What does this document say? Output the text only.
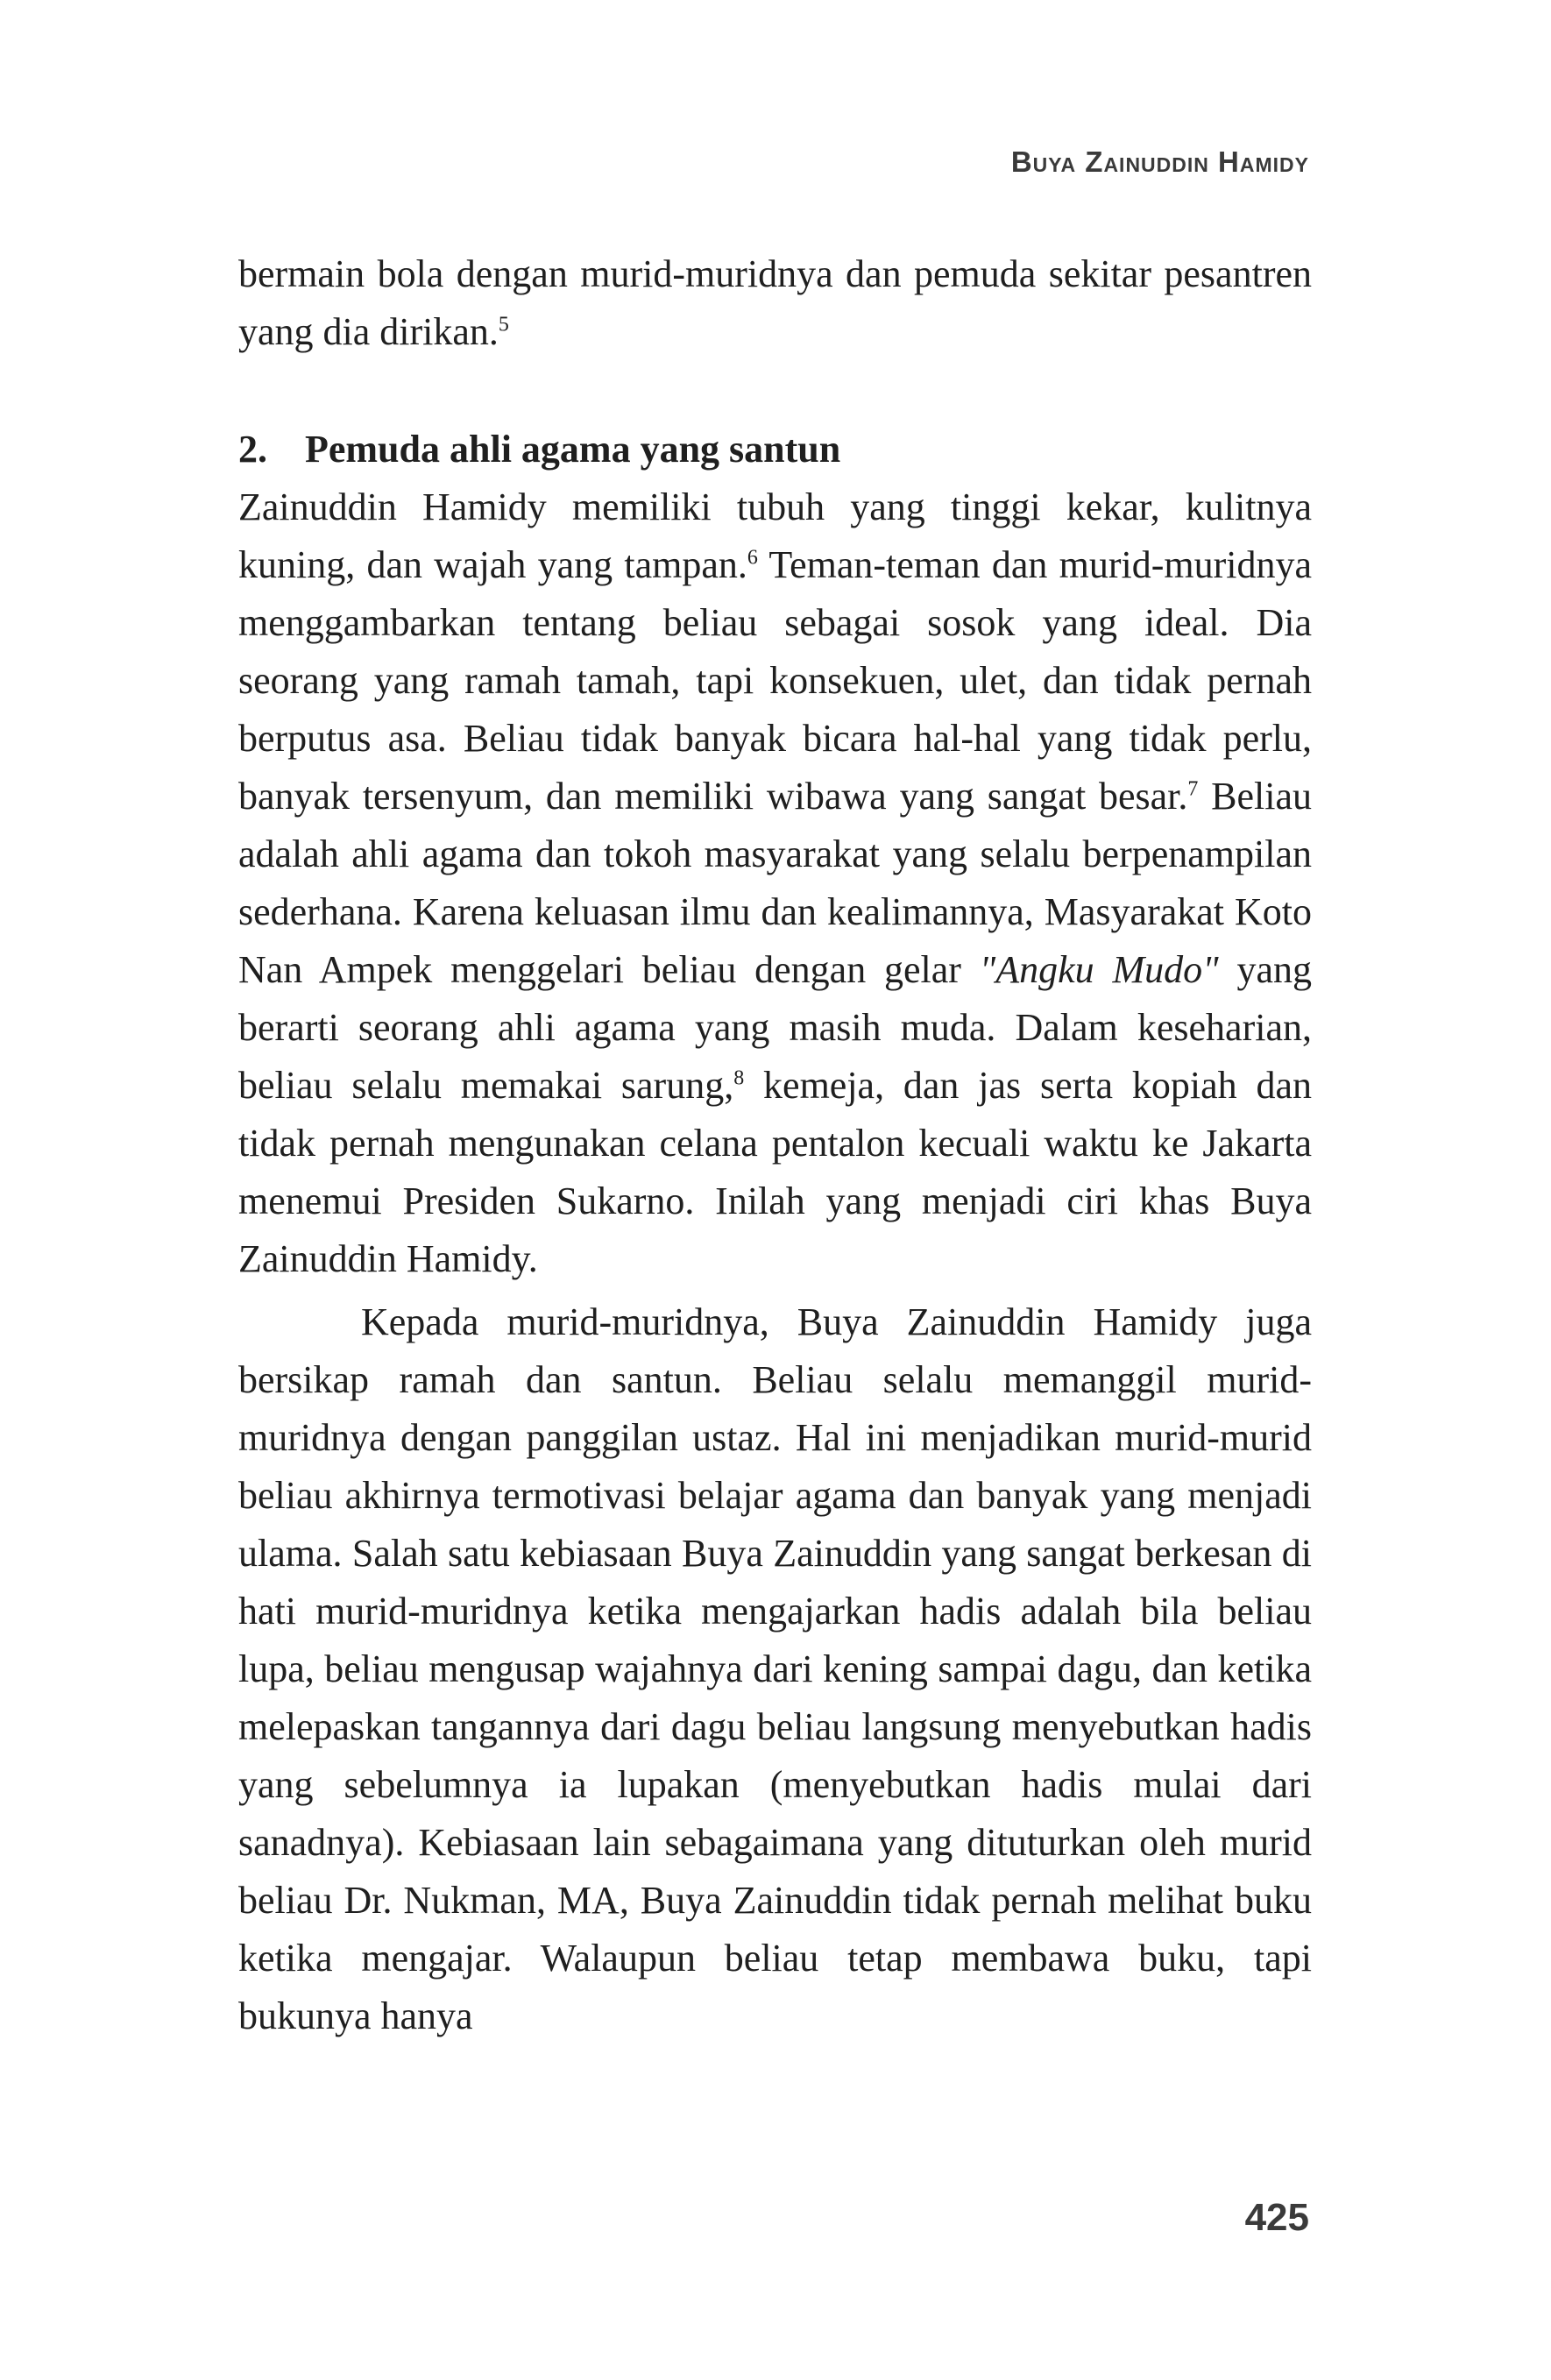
Buya Zainuddin Hamidy

bermain bola dengan murid-muridnya dan pemuda sekitar pesantren yang dia dirikan.$^5$

2. Pemuda ahli agama yang santun

Zainuddin Hamidy memiliki tubuh yang tinggi kekar, kulitnya kuning, dan wajah yang tampan.$^6$ Teman-teman dan murid-muridnya menggambarkan tentang beliau sebagai sosok yang ideal. Dia seorang yang ramah tamah, tapi konsekuen, ulet, dan tidak pernah berputus asa. Beliau tidak banyak bicara hal-hal yang tidak perlu, banyak tersenyum, dan memiliki wibawa yang sangat besar.$^7$ Beliau adalah ahli agama dan tokoh masyarakat yang selalu berpenampilan sederhana. Karena keluasan ilmu dan kealimannya, Masyarakat Koto Nan Ampek menggelari beliau dengan gelar "Angku Mudo" yang berarti seorang ahli agama yang masih muda. Dalam keseharian, beliau selalu memakai sarung,$^8$ kemeja, dan jas serta kopiah dan tidak pernah mengunakan celana pentalon kecuali waktu ke Jakarta menemui Presiden Sukarno. Inilah yang menjadi ciri khas Buya Zainuddin Hamidy.

Kepada murid-muridnya, Buya Zainuddin Hamidy juga bersikap ramah dan santun. Beliau selalu memanggil murid-muridnya dengan panggilan ustaz. Hal ini menjadikan murid-murid beliau akhirnya termotivasi belajar agama dan banyak yang menjadi ulama. Salah satu kebiasaan Buya Zainuddin yang sangat berkesan di hati murid-muridnya ketika mengajarkan hadis adalah bila beliau lupa, beliau mengusap wajahnya dari kening sampai dagu, dan ketika melepaskan tangannya dari dagu beliau langsung menyebutkan hadis yang sebelumnya ia lupakan (menyebutkan hadis mulai dari sanadnya). Kebiasaan lain sebagaimana yang dituturkan oleh murid beliau Dr. Nukman, MA, Buya Zainuddin tidak pernah melihat buku ketika mengajar. Walaupun beliau tetap membawa buku, tapi bukunya hanya

425
